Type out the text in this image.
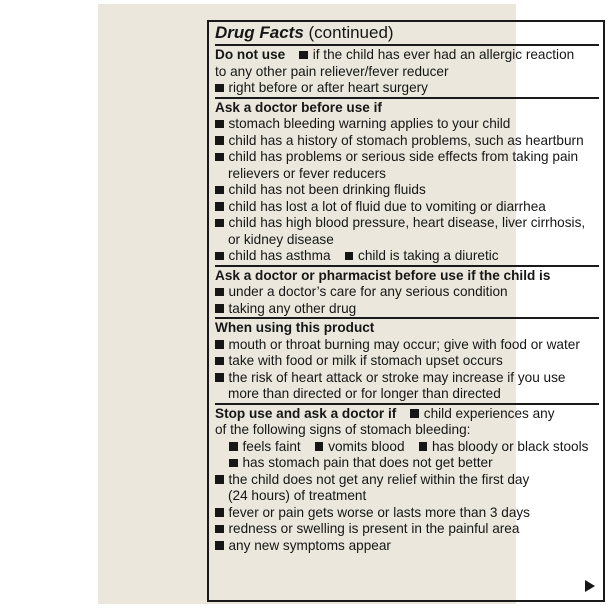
Drug Facts (continued)
Do not use if the child has ever had an allergic reaction
to any other pain reliever/fever reducer
right before or after heart surgery
Ask a doctor before use if
stomach bleeding warning applies to your child
child has a history of stomach problems, such as heartburn
child has problems or serious side effects from taking pain
relievers or fever reducers
child has not been drinking fluids
child has lost a lot of fluid due to vomiting or diarrhea
child has high blood pressure, heart disease, liver cirrhosis,
or kidney disease
child has asthma child is taking a diuretic
Ask a doctor or pharmacist before use if the child is
under a doctor’s care for any serious condition
taking any other drug
When using this product
mouth or throat burning may occur; give with food or water
take with food or milk if stomach upset occurs
the risk of heart attack or stroke may increase if you use
more than directed or for longer than directed
Stop use and ask a doctor if child experiences any
of the following signs of stomach bleeding:
feels faint vomits blood has bloody or black stools
has stomach pain that does not get better
the child does not get any relief within the first day
(24 hours) of treatment
fever or pain gets worse or lasts more than 3 days
redness or swelling is present in the painful area
any new symptoms appear
